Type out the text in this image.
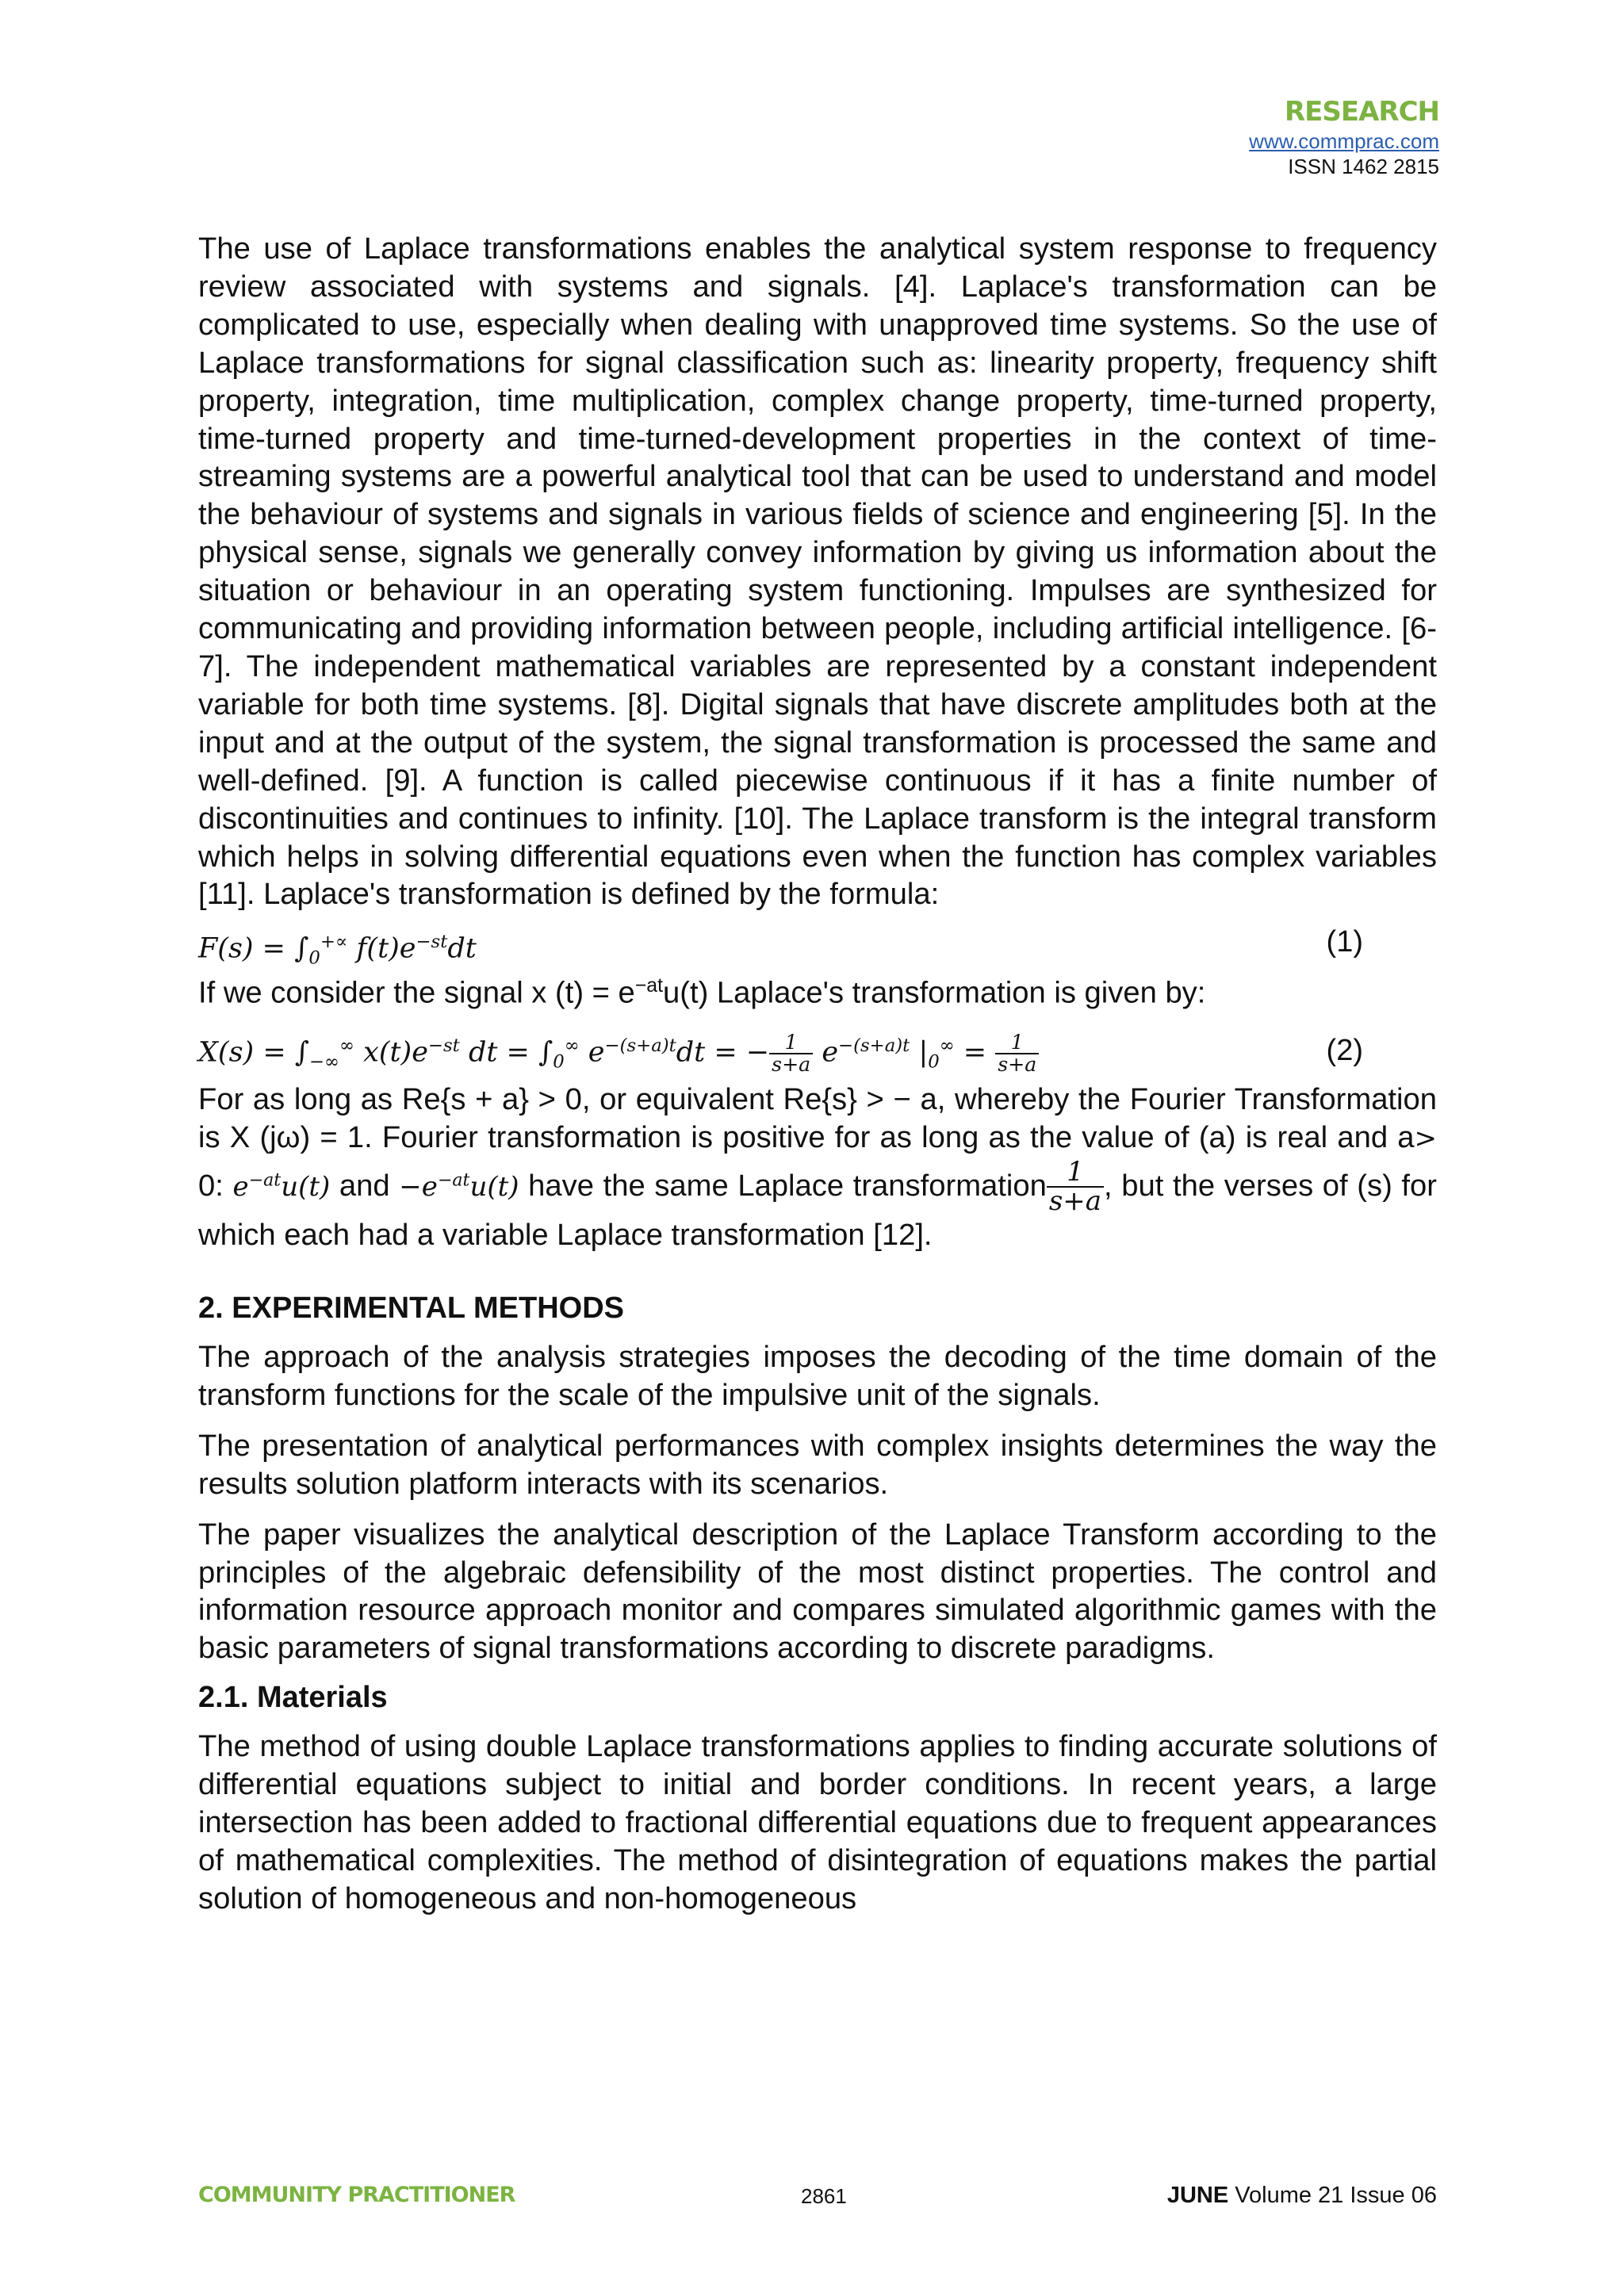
RESEARCH
www.commprac.com
ISSN 1462 2815

The use of Laplace transformations enables the analytical system response to frequency review associated with systems and signals. [4]. Laplace's transformation can be complicated to use, especially when dealing with unapproved time systems. So the use of Laplace transformations for signal classification such as: linearity property, frequency shift property, integration, time multiplication, complex change property, time-turned property, time-turned property and time-turned-development properties in the context of time-streaming systems are a powerful analytical tool that can be used to understand and model the behaviour of systems and signals in various fields of science and engineering [5]. In the physical sense, signals we generally convey information by giving us information about the situation or behaviour in an operating system functioning. Impulses are synthesized for communicating and providing information between people, including artificial intelligence. [6-7]. The independent mathematical variables are represented by a constant independent variable for both time systems. [8]. Digital signals that have discrete amplitudes both at the input and at the output of the system, the signal transformation is processed the same and well-defined. [9]. A function is called piecewise continuous if it has a finite number of discontinuities and continues to infinity. [10]. The Laplace transform is the integral transform which helps in solving differential equations even when the function has complex variables [11]. Laplace's transformation is defined by the formula:

$F(s) = \int_0^{+\propto}$ $f(t)e^{-st}dt$	(1)

If we consider the signal x $(t) = e^{-at}u(t)$ Laplace's transformation is given by:

$X(s) = \int_{-\infty}^\infty$ $x(t)e^{-st}$ dt = $\int_0^\infty$ $e^{-(s+a)t}dt$ = − $\frac{1}{s+a} e^{-(s+a)t}$ $|_0^\infty = \frac{1}{s+a}$	(2)

For as long as Re{s + a} > 0, or equivalent Re{s} > − a, whereby the Fourier Transformation is X (jω) = 1. Fourier transformation is positive for as long as the value of (a) is real and a> 0: $e^{-at}u(t)$ and $-e^{-at}u(t)$ have the same Laplace transformation $\frac{1}{s+a}$ , but the verses of (s) for which each had a variable Laplace transformation [12].

2. EXPERIMENTAL METHODS

The approach of the analysis strategies imposes the decoding of the time domain of the transform functions for the scale of the impulsive unit of the signals.

The presentation of analytical performances with complex insights determines the way the results solution platform interacts with its scenarios.

The paper visualizes the analytical description of the Laplace Transform according to the principles of the algebraic defensibility of the most distinct properties. The control and information resource approach monitor and compares simulated algorithmic games with the basic parameters of signal transformations according to discrete paradigms.

2.1. Materials

The method of using double Laplace transformations applies to finding accurate solutions of differential equations subject to initial and border conditions. In recent years, a large intersection has been added to fractional differential equations due to frequent appearances of mathematical complexities. The method of disintegration of equations makes the partial solution of homogeneous and non-homogeneous

COMMUNITY PRACTITIONER	2861	JUNE Volume 21 Issue 06
